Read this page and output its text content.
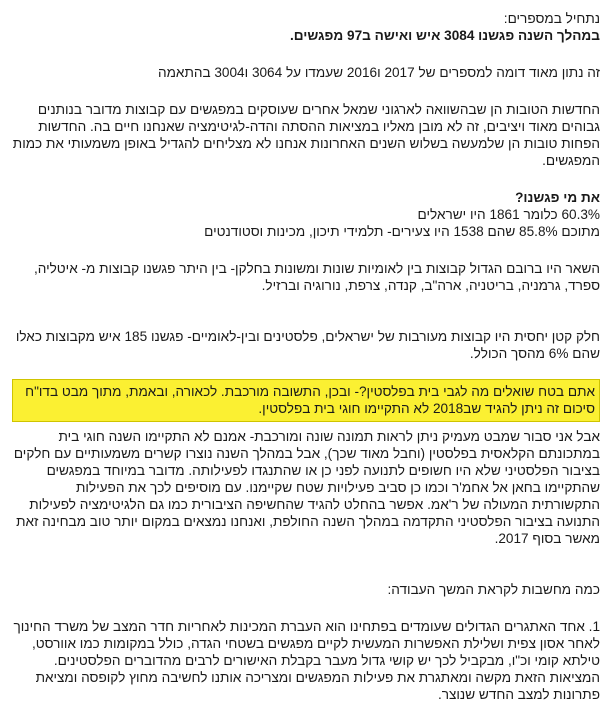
נתחיל במספרים:

במהלך השנה פגשנו 3084 איש ואישה ב97 מפגשים.

זה נתון מאוד דומה למספרים של 2017 ו2016 שעמדו על 3064 ו3004 בהתאמה

החדשות הטובות הן שבהשוואה לארגוני שמאל אחרים שעוסקים במפגשים עם קבוצות מדובר בנותנים גבוהים מאוד ויציבים, זה לא מובן מאליו במציאות ההסתה והדה-לגיטימציה שאנחנו חיים בה. החדשות הפחות טובות הן שלמעשה בשלוש השנים האחרונות אנחנו לא מצליחים להגדיל באופן משמעותי את כמות המפגשים.

את מי פגשנו?

60.3% כלומר 1861 היו ישראלים

מתוכם 85.8% שהם 1538 היו צעירים- תלמידי תיכון, מכינות וסטודנטים

השאר היו ברובם הגדול קבוצות בין לאומיות שונות ומשונות בחלקן- בין היתר פגשנו קבוצות מ- איטליה, ספרד, גרמניה, בריטניה, ארה"ב, קנדה, צרפת, נורוגיה וברזיל.

חלק קטן יחסית היו קבוצות מעורבות של ישראלים, פלסטינים ובין-לאומיים- פגשנו 185 איש מקבוצות כאלו שהם 6% מהסך הכולל.

אתם בטח שואלים מה לגבי בית בפלסטין?- ובכן, התשובה מורכבת. לכאורה, ובאמת, מתוך מבט בדו"ח סיכום זה ניתן להגיד שב2018 לא התקיימו חוגי בית בפלסטין.

אבל אני סבור שמבט מעמיק ניתן לראות תמונה שונה ומורכבת- אמנם לא התקיימו השנה חוגי בית במתכונתם הקלאסית בפלסטין (וחבל מאוד שכך), אבל במהלך השנה נוצרו קשרים משמעותיים עם חלקים בציבור הפלסטיני שלא היו חשופים לתנועה לפני כן או שהתנגדו לפעילותה. מדובר במיוחד במפגשים שהתקיימו בחאן אל אחמ'ר וכמו כן סביב פעילויות שטח שקיימנו. עם מוסיפים לכך את הפעילות התקשורתית המעולה של ר'אמ. אפשר בהחלט להגיד שהחשיפה הציבורית כמו גם הלגיטימציה לפעילות התנועה בציבור הפלסטיני התקדמה במהלך השנה החולפת, ואנחנו נמצאים במקום יותר טוב מבחינה זאת מאשר בסוף 2017.

כמה מחשבות לקראת המשך העבודה:

1. אחד האתגרים הגדולים שעומדים בפתחינו הוא העברת המכינות לאחריות חדר המצב של משרד החינוך לאחר אסון צפית ושלילת האפשרות המעשית לקיים מפגשים בשטחי הגדה, כולל במקומות כמו אוורסט, טילתא קומי וכ"ו, מבקביל לכך יש קושי גדול מעבר בקבלת האישורים לרבים מהדוברים הפלסטינים. המציאות הזאת מקשה ומאתגרת את פעילות המפגשים ומצריכה אותנו לחשיבה מחוץ לקופסה ומציאת פתרונות למצב החדש שנוצר.
